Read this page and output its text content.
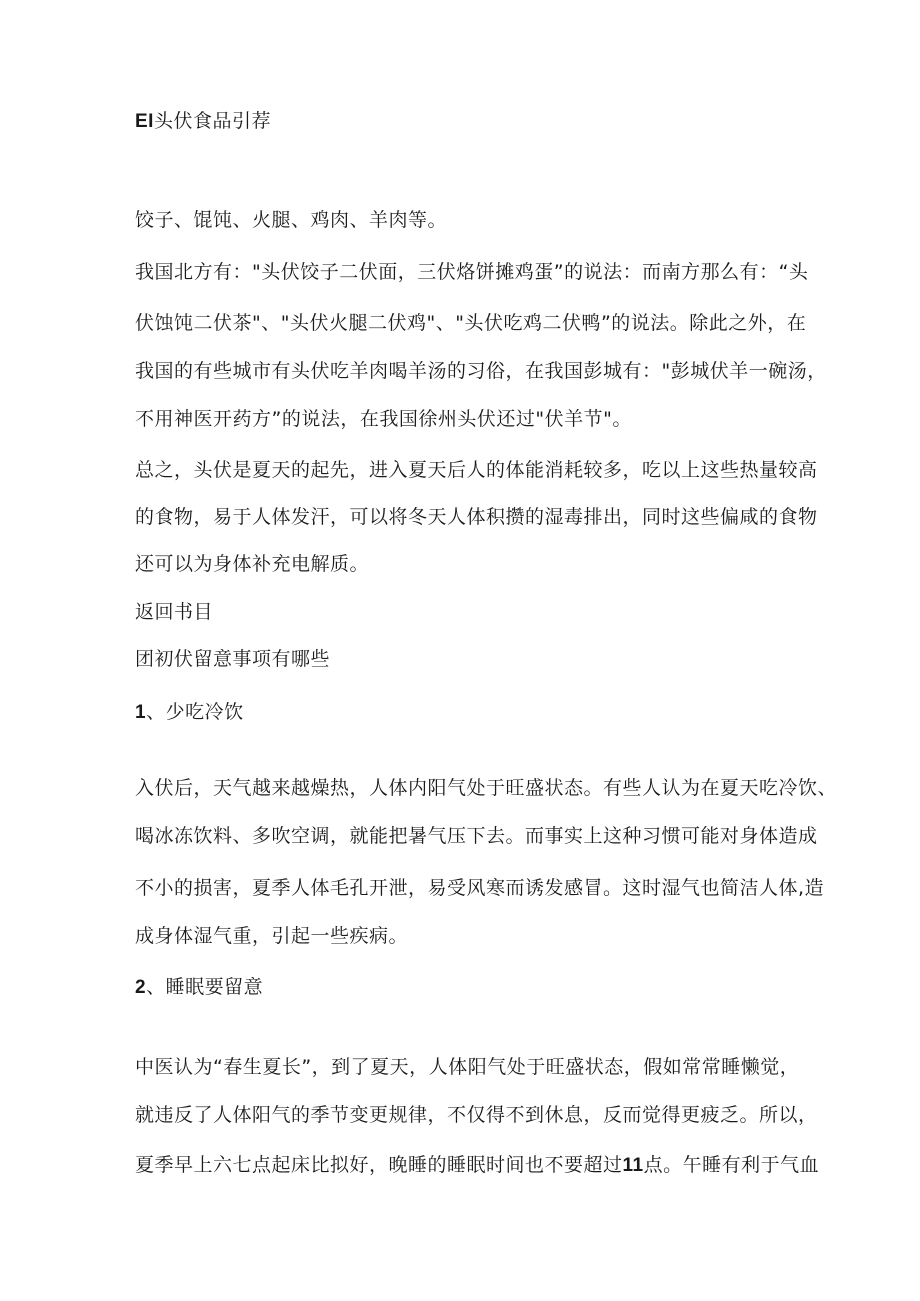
EI头伏食品引荐

饺子、馄饨、火腿、鸡肉、羊肉等。

我国北方有："头伏饺子二伏面，三伏烙饼摊鸡蛋”的说法：而南方那么有：“头

伏蚀饨二伏茶"、"头伏火腿二伏鸡"、"头伏吃鸡二伏鸭”的说法。除此之外，在

我国的有些城市有头伏吃羊肉喝羊汤的习俗，在我国彭城有："彭城伏羊一碗汤，

不用神医开药方”的说法，在我国徐州头伏还过"伏羊节"。

总之，头伏是夏天的起先，进入夏天后人的体能消耗较多，吃以上这些热量较高

的食物，易于人体发汗，可以将冬天人体积攒的湿毒排出，同时这些偏咸的食物

还可以为身体补充电解质。

返回书目

团初伏留意事项有哪些

1、少吃冷饮

入伏后，天气越来越燥热，人体内阳气处于旺盛状态。有些人认为在夏天吃冷饮、

喝冰冻饮料、多吹空调，就能把暑气压下去。而事实上这种习惯可能对身体造成

不小的损害，夏季人体毛孔开泄，易受风寒而诱发感冒。这时湿气也简洁人体,造

成身体湿气重，引起一些疾病。

2、睡眠要留意

中医认为“春生夏长”，到了夏天，人体阳气处于旺盛状态，假如常常睡懒觉，

就违反了人体阳气的季节变更规律，不仅得不到休息，反而觉得更疲乏。所以，

夏季早上六七点起床比拟好，晚睡的睡眠时间也不要超过11点。午睡有利于气血
